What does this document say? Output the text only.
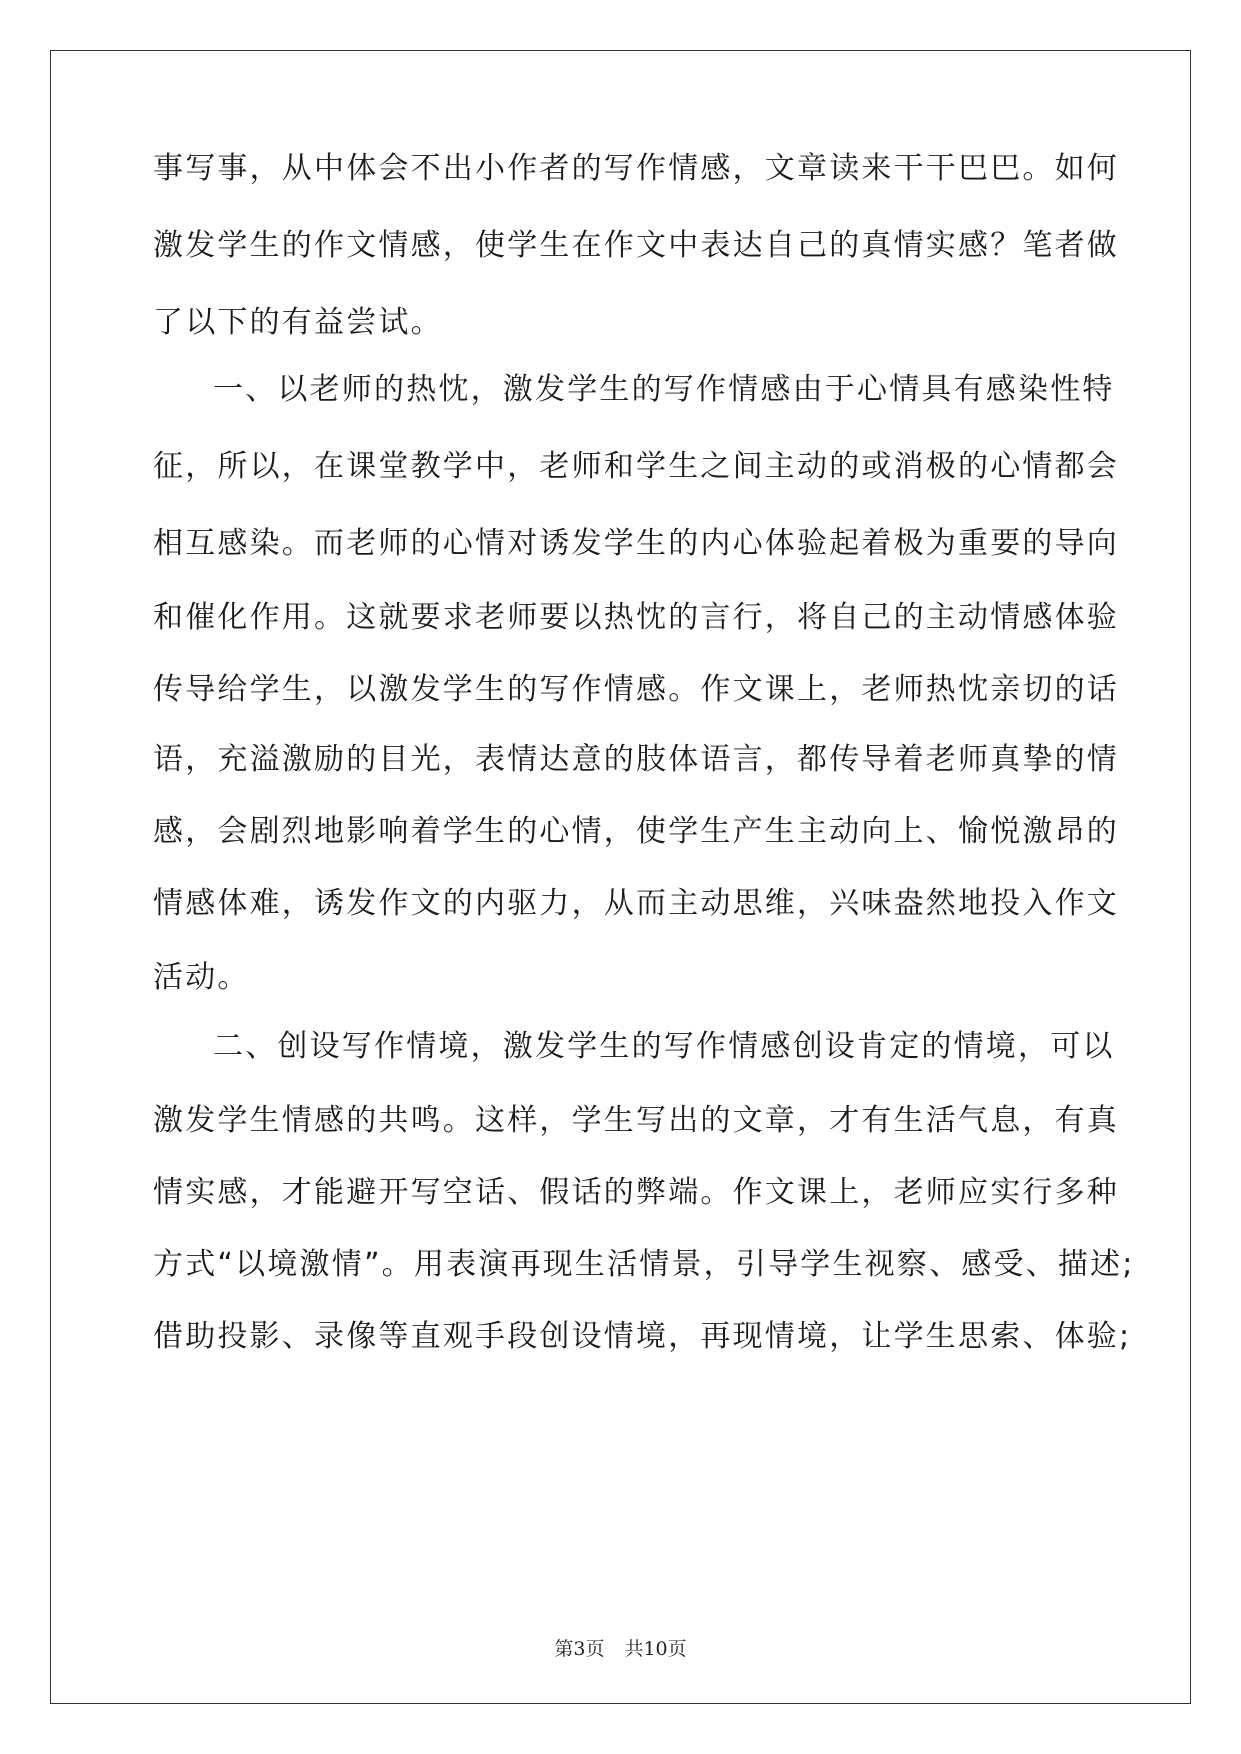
事写事，从中体会不出小作者的写作情感，文章读来干干巴巴。如何

激发学生的作文情感，使学生在作文中表达自己的真情实感？笔者做

了以下的有益尝试。

一、以老师的热忱，激发学生的写作情感由于心情具有感染性特

征，所以，在课堂教学中，老师和学生之间主动的或消极的心情都会

相互感染。而老师的心情对诱发学生的内心体验起着极为重要的导向

和催化作用。这就要求老师要以热忱的言行，将自己的主动情感体验

传导给学生，以激发学生的写作情感。作文课上，老师热忱亲切的话

语，充溢激励的目光，表情达意的肢体语言，都传导着老师真挚的情

感，会剧烈地影响着学生的心情，使学生产生主动向上、愉悦激昂的

情感体难，诱发作文的内驱力，从而主动思维，兴味盎然地投入作文

活动。

二、创设写作情境，激发学生的写作情感创设肯定的情境，可以

激发学生情感的共鸣。这样，学生写出的文章，才有生活气息，有真

情实感，才能避开写空话、假话的弊端。作文课上，老师应实行多种

方式“以境激情”。用表演再现生活情景，引导学生视察、感受、描述;

借助投影、录像等直观手段创设情境，再现情境，让学生思索、体验;

第3页 共10页
